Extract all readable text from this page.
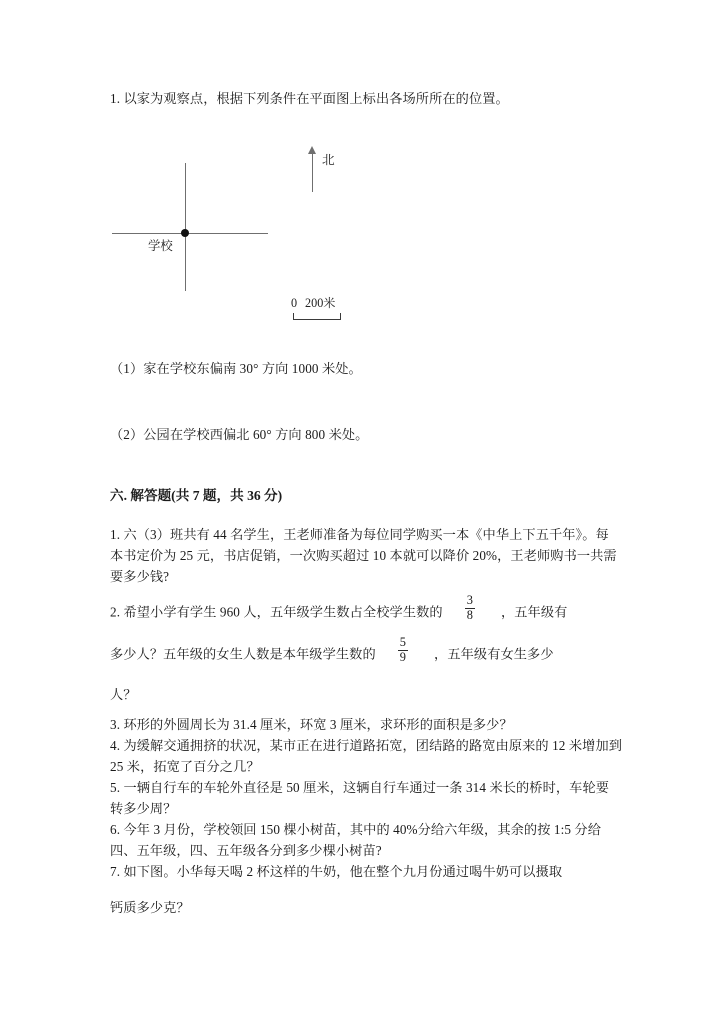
1. 以家为观察点，根据下列条件在平面图上标出各场所所在的位置。
学校
北
0 200米
（1）家在学校东偏南 30° 方向 1000 米处。
（2）公园在学校西偏北 60° 方向 800 米处。
六. 解答题(共 7 题，共 36 分)
1. 六（3）班共有 44 名学生，王老师准备为每位同学购买一本《中华上下五千年》。每本书定价为 25 元，书店促销，一次购买超过 10 本就可以降价 20%，王老师购书一共需要多少钱?
2. 希望小学有学生 960 人，五年级学生数占全校学生数的 $\frac{3}{8}$ ，五年级有
多少人？五年级的女生人数是本年级学生数的 $\frac{5}{9}$ ，五年级有女生多少
人？
3. 环形的外圆周长为 31.4 厘米，环宽 3 厘米，求环形的面积是多少？
4. 为缓解交通拥挤的状况，某市正在进行道路拓宽，团结路的路宽由原来的 12 米增加到 25 米，拓宽了百分之几？
5. 一辆自行车的车轮外直径是 50 厘米，这辆自行车通过一条 314 米长的桥时，车轮要转多少周？
6. 今年 3 月份，学校领回 150 棵小树苗，其中的 40%分给六年级，其余的按 1:5 分给四、五年级，四、五年级各分到多少棵小树苗?
7. 如下图。小华每天喝 2 杯这样的牛奶，他在整个九月份通过喝牛奶可以摄取
钙质多少克？
